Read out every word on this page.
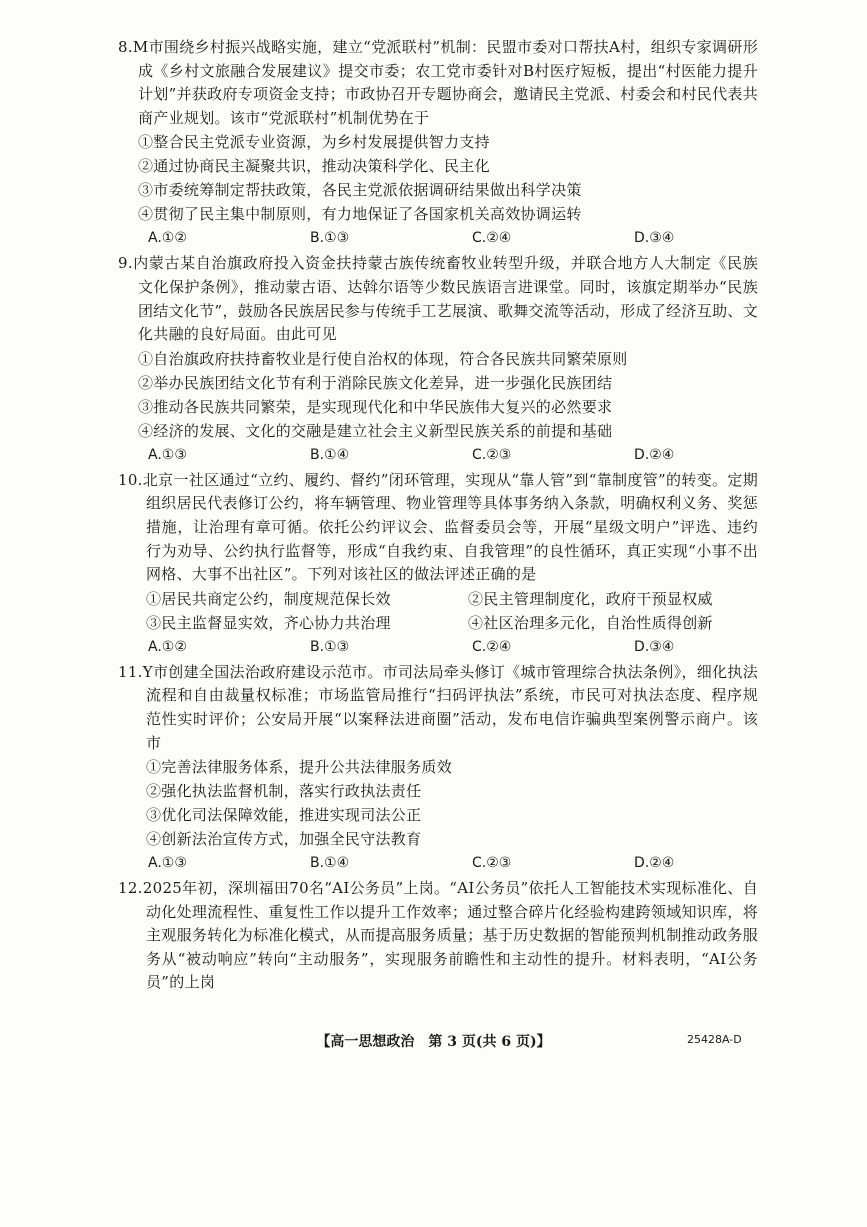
8.M市围绕乡村振兴战略实施，建立“党派联村”机制：民盟市委对口帮扶A村，组织专家调研形成《乡村文旅融合发展建议》提交市委；农工党市委针对B村医疗短板，提出“村医能力提升计划”并获政府专项资金支持；市政协召开专题协商会，邀请民主党派、村委会和村民代表共商产业规划。该市“党派联村”机制优势在于

①整合民主党派专业资源，为乡村发展提供智力支持

②通过协商民主凝聚共识，推动决策科学化、民主化

③市委统筹制定帮扶政策，各民主党派依据调研结果做出科学决策

④贯彻了民主集中制原则，有力地保证了各国家机关高效协调运转

A.①②	B.①③	C.②④	D.③④

9.内蒙古某自治旗政府投入资金扶持蒙古族传统畜牧业转型升级，并联合地方人大制定《民族文化保护条例》，推动蒙古语、达斡尔语等少数民族语言进课堂。同时，该旗定期举办“民族团结文化节”，鼓励各民族居民参与传统手工艺展演、歌舞交流等活动，形成了经济互助、文化共融的良好局面。由此可见

①自治旗政府扶持畜牧业是行使自治权的体现，符合各民族共同繁荣原则

②举办民族团结文化节有利于消除民族文化差异，进一步强化民族团结

③推动各民族共同繁荣，是实现现代化和中华民族伟大复兴的必然要求

④经济的发展、文化的交融是建立社会主义新型民族关系的前提和基础

A.①③	B.①④	C.②③	D.②④

10.北京一社区通过“立约、履约、督约”闭环管理，实现从“靠人管”到“靠制度管”的转变。定期组织居民代表修订公约，将车辆管理、物业管理等具体事务纳入条款，明确权利义务、奖惩措施，让治理有章可循。依托公约评议会、监督委员会等，开展“星级文明户”评选、违约行为劝导、公约执行监督等，形成“自我约束、自我管理”的良性循环，真正实现“小事不出网格、大事不出社区”。下列对该社区的做法评述正确的是

①居民共商定公约，制度规范保长效	②民主管理制度化，政府干预显权威

③民主监督显实效，齐心协力共治理	④社区治理多元化，自治性质得创新

A.①②	B.①③	C.②④	D.③④

11.Y市创建全国法治政府建设示范市。市司法局牵头修订《城市管理综合执法条例》，细化执法流程和自由裁量权标准；市场监管局推行“扫码评执法”系统，市民可对执法态度、程序规范性实时评价；公安局开展“以案释法进商圈”活动，发布电信诈骗典型案例警示商户。该市

①完善法律服务体系，提升公共法律服务质效

②强化执法监督机制，落实行政执法责任

③优化司法保障效能，推进实现司法公正

④创新法治宣传方式，加强全民守法教育

A.①③	B.①④	C.②③	D.②④

12.2025年初，深圳福田70名“AI公务员”上岗。“AI公务员”依托人工智能技术实现标准化、自动化处理流程性、重复性工作以提升工作效率；通过整合碎片化经验构建跨领域知识库，将主观服务转化为标准化模式，从而提高服务质量；基于历史数据的智能预判机制推动政务服务从“被动响应”转向“主动服务”，实现服务前瞻性和主动性的提升。材料表明，“AI公务员”的上岗

【高一思想政治　第 3 页(共 6 页)】	25428A-D
